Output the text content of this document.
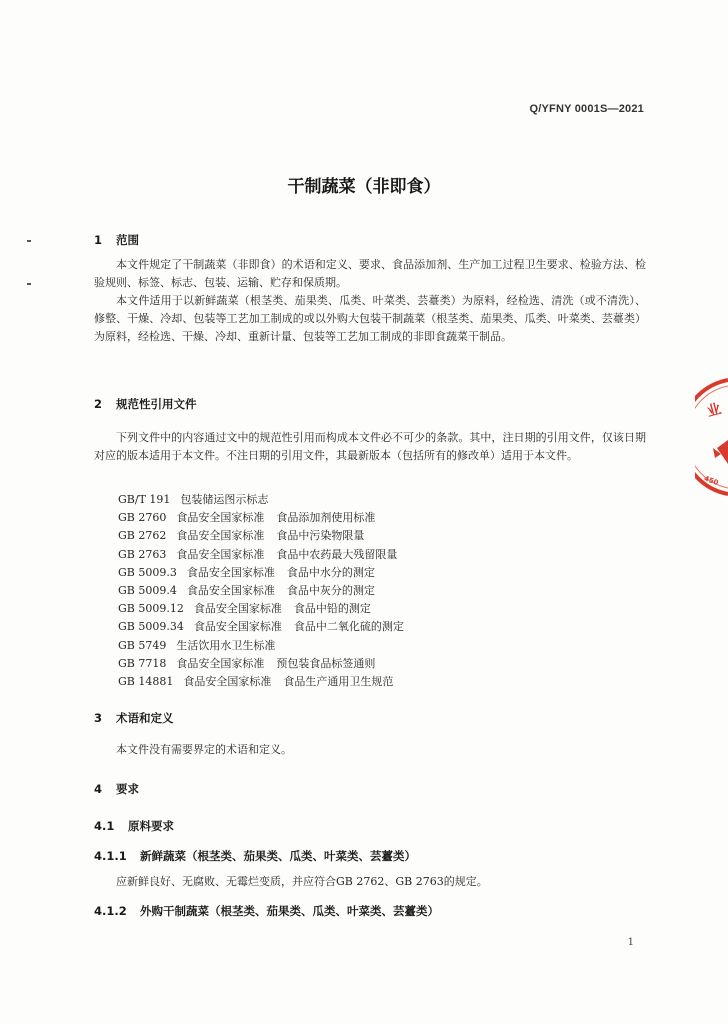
Q/YFNY 0001S—2021
干制蔬菜（非即食）
1 范围

本文件规定了干制蔬菜（非即食）的术语和定义、要求、食品添加剂、生产加工过程卫生要求、检验方法、检验规则、标签、标志、包装、运输、贮存和保质期。

本文件适用于以新鲜蔬菜（根茎类、茄果类、瓜类、叶菜类、芸薹类）为原料，经检选、清洗（或不清洗）、修整、干燥、冷却、包装等工艺加工制成的或以外购大包装干制蔬菜（根茎类、茄果类、瓜类、叶菜类、芸薹类）为原料，经检选、干燥、冷却、重新计量、包装等工艺加工制成的非即食蔬菜干制品。

2 规范性引用文件

下列文件中的内容通过文中的规范性引用而构成本文件必不可少的条款。其中，注日期的引用文件，仅该日期对应的版本适用于本文件。不注日期的引用文件，其最新版本（包括所有的修改单）适用于本文件。

GB/T 191 包装储运图示标志
GB 2760 食品安全国家标准 食品添加剂使用标准
GB 2762 食品安全国家标准 食品中污染物限量
GB 2763 食品安全国家标准 食品中农药最大残留限量
GB 5009.3 食品安全国家标准 食品中水分的测定
GB 5009.4 食品安全国家标准 食品中灰分的测定
GB 5009.12 食品安全国家标准 食品中铅的测定
GB 5009.34 食品安全国家标准 食品中二氧化硫的测定
GB 5749 生活饮用水卫生标准
GB 7718 食品安全国家标准 预包装食品标签通则
GB 14881 食品安全国家标准 食品生产通用卫生规范
3 术语和定义

本文件没有需要界定的术语和定义。

4 要求
4.1 原料要求
4.1.1 新鲜蔬菜（根茎类、茄果类、瓜类、叶菜类、芸薹类）

应新鲜良好、无腐败、无霉烂变质，并应符合GB 2762、GB 2763的规定。

4.1.2 外购干制蔬菜（根茎类、茄果类、瓜类、叶菜类、芸薹类）
1
业
450
